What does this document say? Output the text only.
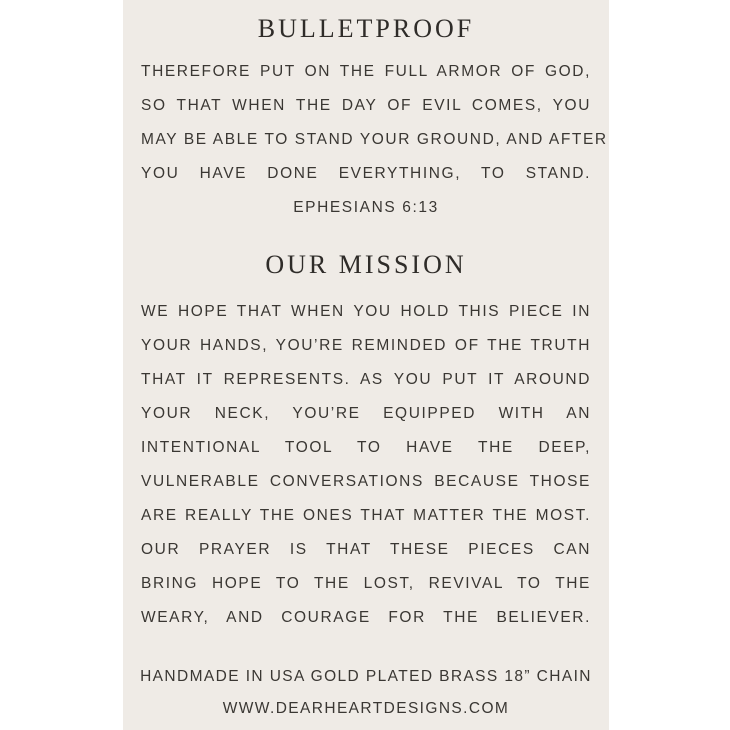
BULLETPROOF
THEREFORE PUT ON THE FULL ARMOR OF GOD,
SO THAT WHEN THE DAY OF EVIL COMES, YOU
MAY BE ABLE TO STAND YOUR GROUND, AND AFTER
YOU HAVE DONE EVERYTHING, TO STAND.
EPHESIANS 6:13
OUR MISSION
WE HOPE THAT WHEN YOU HOLD THIS PIECE IN
YOUR HANDS, YOU’RE REMINDED OF THE TRUTH
THAT IT REPRESENTS. AS YOU PUT IT AROUND
YOUR NECK, YOU’RE EQUIPPED WITH AN
INTENTIONAL TOOL TO HAVE THE DEEP,
VULNERABLE CONVERSATIONS BECAUSE THOSE
ARE REALLY THE ONES THAT MATTER THE MOST.
OUR PRAYER IS THAT THESE PIECES CAN
BRING HOPE TO THE LOST, REVIVAL TO THE
WEARY, AND COURAGE FOR THE BELIEVER.
HANDMADE IN USA GOLD PLATED BRASS 18” CHAIN
WWW.DEARHEARTDESIGNS.COM
